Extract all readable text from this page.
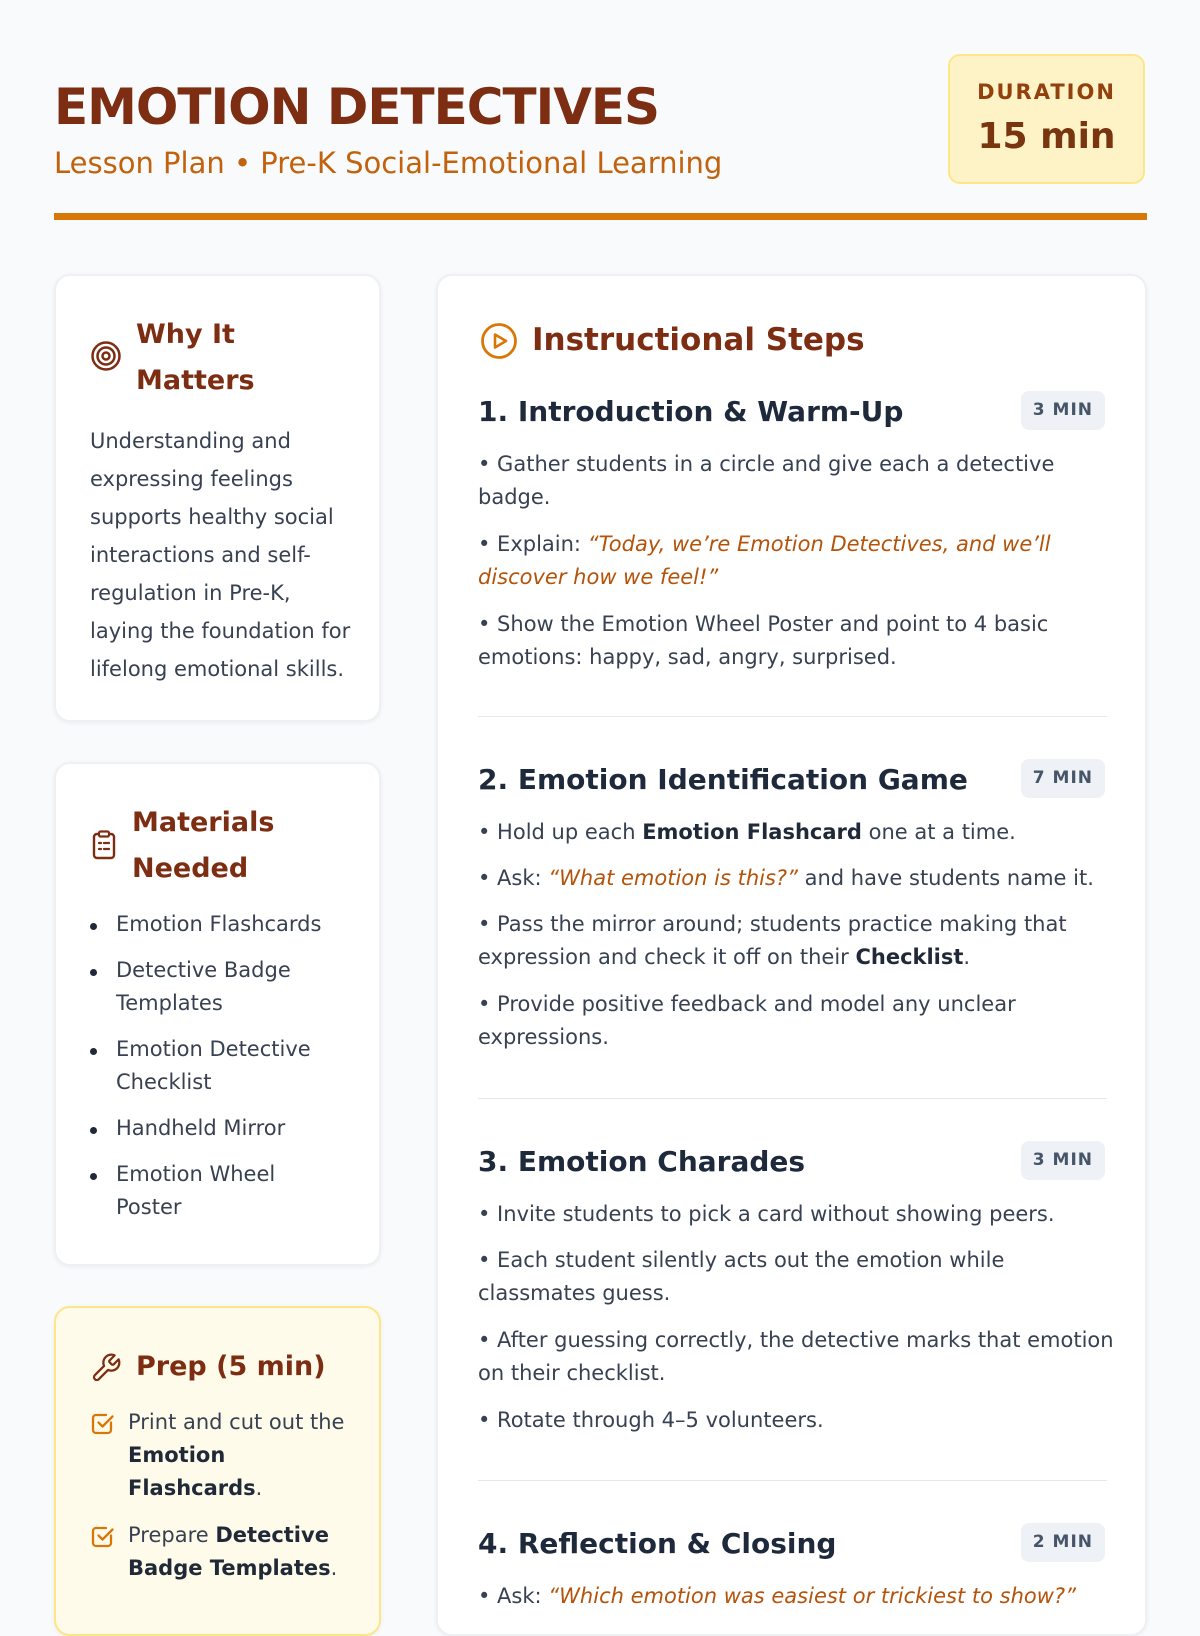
EMOTION DETECTIVES
Lesson Plan • Pre-K Social-Emotional Learning
DURATION
15 min
Why It
Matters
Understanding and
expressing feelings
supports healthy social
interactions and self-
regulation in Pre-K,
laying the foundation for
lifelong emotional skills.
Materials
Needed
Emotion Flashcards
Detective Badge
Templates
Emotion Detective
Checklist
Handheld Mirror
Emotion Wheel
Poster
Prep (5 min)
Print and cut out the
Emotion
Flashcards.
Prepare Detective
Badge Templates.
Instructional Steps
1. Introduction & Warm-Up	3 MIN
• Gather students in a circle and give each a detective
badge.
• Explain: “Today, we’re Emotion Detectives, and we’ll
discover how we feel!”
• Show the Emotion Wheel Poster and point to 4 basic
emotions: happy, sad, angry, surprised.
2. Emotion Identification Game	7 MIN
• Hold up each Emotion Flashcard one at a time.
• Ask: “What emotion is this?” and have students name it.
• Pass the mirror around; students practice making that
expression and check it off on their Checklist.
• Provide positive feedback and model any unclear
expressions.
3. Emotion Charades	3 MIN
• Invite students to pick a card without showing peers.
• Each student silently acts out the emotion while
classmates guess.
• After guessing correctly, the detective marks that emotion
on their checklist.
• Rotate through 4–5 volunteers.
4. Reflection & Closing	2 MIN
• Ask: “Which emotion was easiest or trickiest to show?”
